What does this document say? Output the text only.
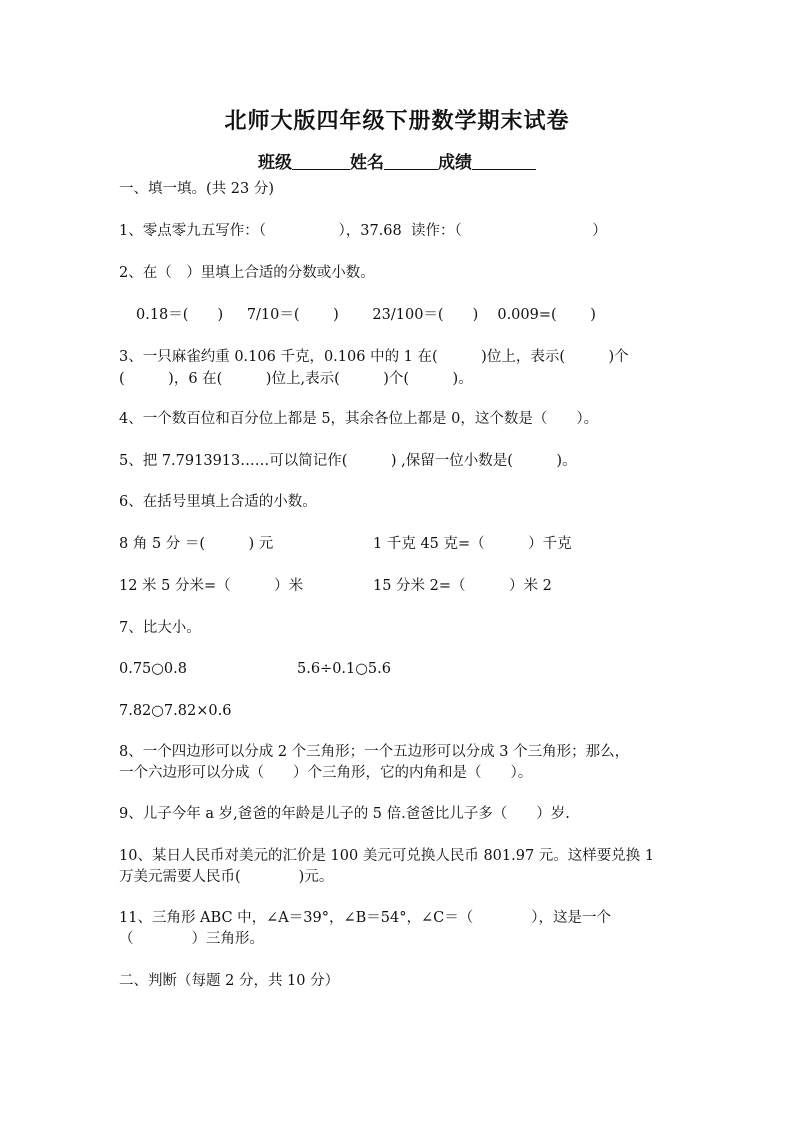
北师大版四年级下册数学期末试卷
班级	姓名	成绩
一、填一填。(共 23 分)
1、零点零九五写作：（　　　　　），37.68  读作：（　　　　　　　　　）
2、在（　）里填上合适的分数或小数。
0.18＝(　　)　  7/10＝(　　 )　　 23/100＝(　　)　 0.009=(　　 )
3、一只麻雀约重 0.106 千克，0.106 中的 1 在(　　　)位上，表示(　　　)个
(　　　)，6 在(　　　)位上,表示(　　　)个(　　　)。
4、一个数百位和百分位上都是 5，其余各位上都是 0，这个数是（　　）。
5、把 7.7913913……可以简记作(　　　) ,保留一位小数是(　　　)。
6、在括号里填上合适的小数。
8 角 5 分 ＝(　　　) 元	1 千克 45 克=（　　　）千克
12 米 5 分米=（　　　）米	15 分米 2=（　　　）米 2
7、比大小。
0.75○0.8	5.6÷0.1○5.6
7.82○7.82×0.6
8、一个四边形可以分成 2 个三角形；一个五边形可以分成 3 个三角形；那么，
一个六边形可以分成（　　）个三角形，它的内角和是（　　）。
9、儿子今年 a 岁,爸爸的年龄是儿子的 5 倍.爸爸比儿子多（　　）岁.
10、某日人民币对美元的汇价是 100 美元可兑换人民币 801.97 元。这样要兑换 1
万美元需要人民币(　　　　)元。
11、三角形 ABC 中，∠A＝39°，∠B＝54°，∠C＝（　　　　），这是一个
（　　　　）三角形。
二、判断（每题 2 分，共 10 分）
